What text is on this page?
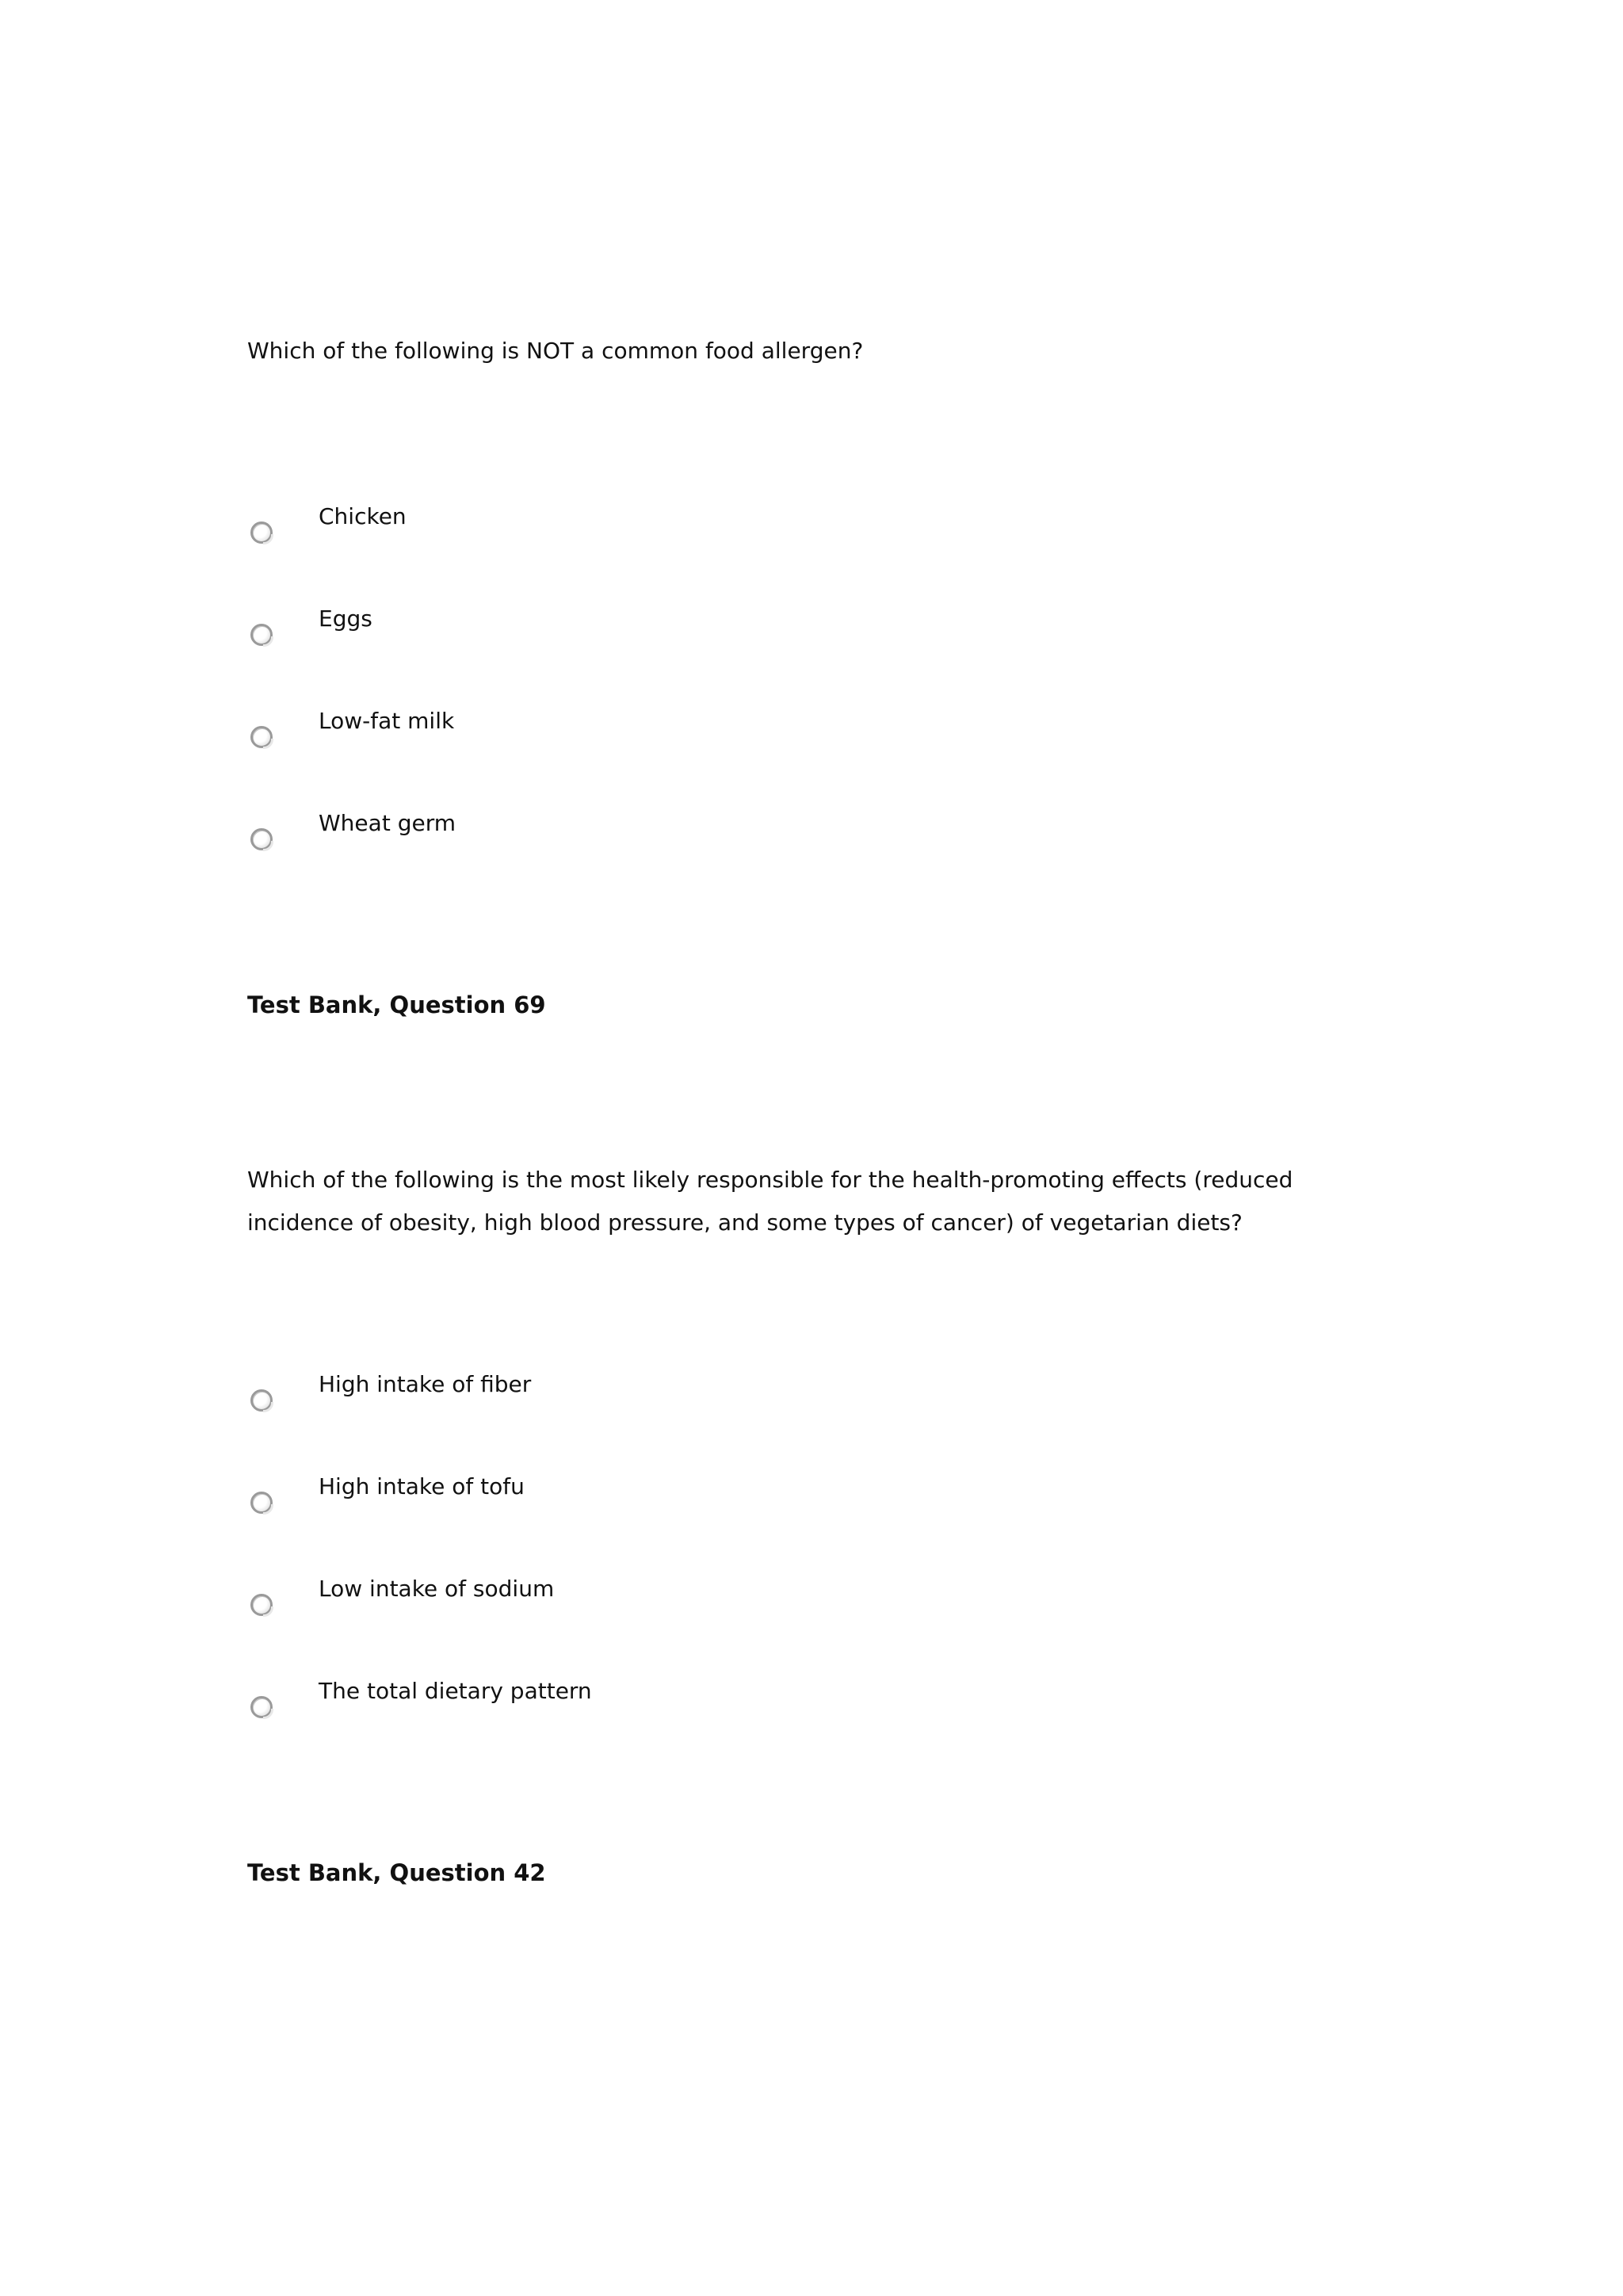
Which of the following is NOT a common food allergen?

Chicken
Eggs
Low-fat milk
Wheat germ

Test Bank, Question 69

Which of the following is the most likely responsible for the health-promoting effects (reduced incidence of obesity, high blood pressure, and some types of cancer) of vegetarian diets?

High intake of fiber
High intake of tofu
Low intake of sodium
The total dietary pattern

Test Bank, Question 42
